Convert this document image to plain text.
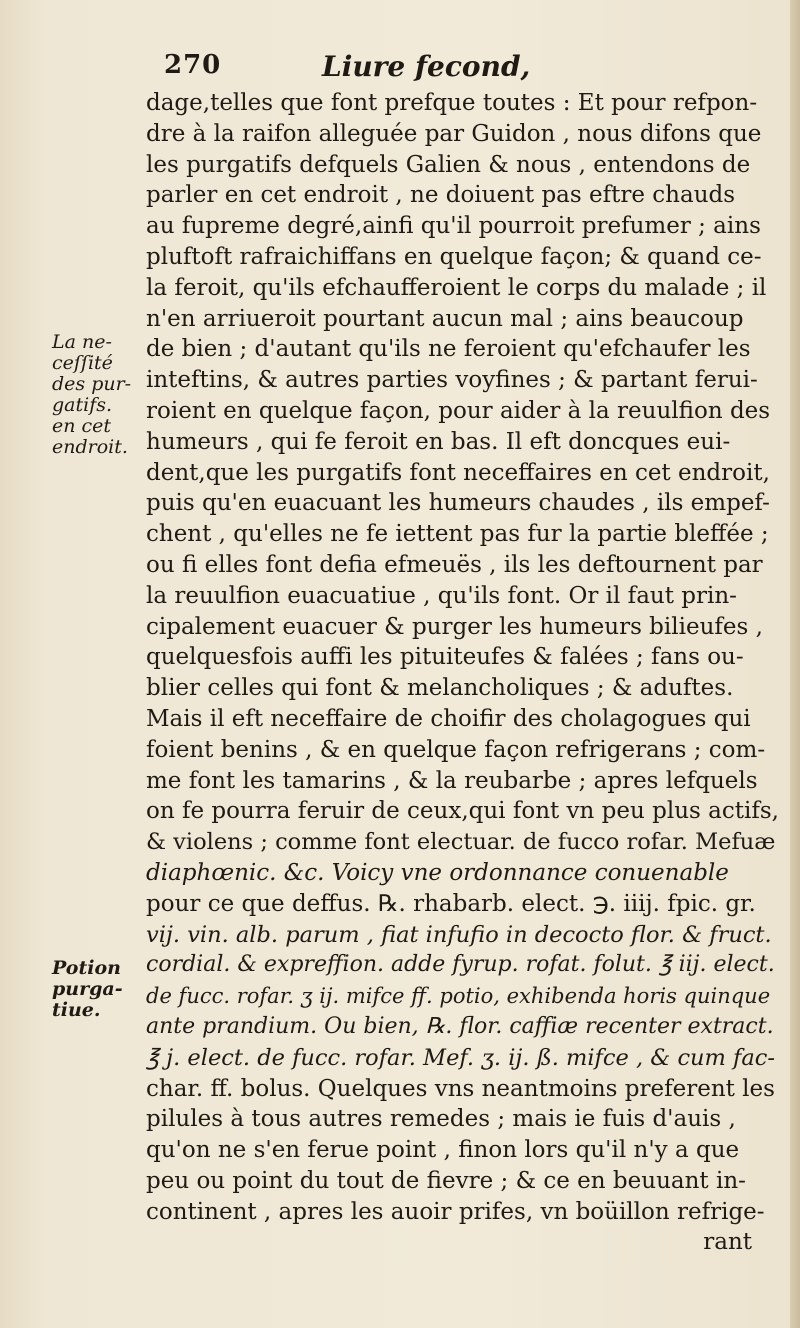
270	Liure fecond,
La ne-
ceſſité
des pur-
gatifs.
en cet
endroit.
Potion
purga-
tiue.
dage,telles que font prefque toutes : Et pour refpon-
dre à la raifon alleguée par Guidon , nous difons que
les purgatifs defquels Galien & nous , entendons de
parler en cet endroit , ne doiuent pas eftre chauds
au fupreme degré,ainfi qu'il pourroit prefumer ; ains
pluftoft rafraichiffans en quelque façon; & quand ce-
la feroit, qu'ils efchaufferoient le corps du malade ; il
n'en arriueroit pourtant aucun mal ; ains beaucoup
de bien ; d'autant qu'ils ne feroient qu'efchaufer les
inteftins, & autres parties voyfines ; & partant ferui-
roient en quelque façon, pour aider à la reuulfion des
humeurs , qui fe feroit en bas. Il eft doncques eui-
dent,que les purgatifs font neceffaires en cet endroit,
puis qu'en euacuant les humeurs chaudes , ils empef-
chent , qu'elles ne fe iettent pas fur la partie bleffée ;
ou fi elles font defia efmeuës , ils les deftournent par
la reuulfion euacuatiue , qu'ils font. Or il faut prin-
cipalement euacuer & purger les humeurs bilieufes ,
quelquesfois auffi les pituiteufes & falées ; fans ou-
blier celles qui font & melancholiques ; & aduftes.
Mais il eft neceffaire de choifir des cholagogues qui
foient benins , & en quelque façon refrigerans ; com-
me font les tamarins , & la reubarbe ; apres lefquels
on fe pourra feruir de ceux,qui font vn peu plus actifs,
& violens ; comme font electuar. de fucco rofar. Mefuæ
diaphœnic. &c. Voicy vne ordonnance conuenable
pour ce que deffus. ℞. rhabarb. elect. ℈. iiij. fpic. gr.
vij. vin. alb. parum , fiat infufio in decocto flor. & fruct.
cordial. & expreffion. adde fyrup. rofat. folut. ℥ iij. elect.
de fucc. rofar. ʒ ij. mifce ff. potio, exhibenda horis quinque
ante prandium. Ou bien, ℞. flor. caffiæ recenter extract.
℥ j. elect. de fucc. rofar. Mef. ʒ. ij. ß. mifce , & cum fac-
char. ff. bolus. Quelques vns neantmoins preferent les
pilules à tous autres remedes ; mais ie fuis d'auis ,
qu'on ne s'en ferue point , finon lors qu'il n'y a que
peu ou point du tout de fievre ; & ce en beuuant in-
continent , apres les auoir prifes, vn boüillon refrige-
rant
